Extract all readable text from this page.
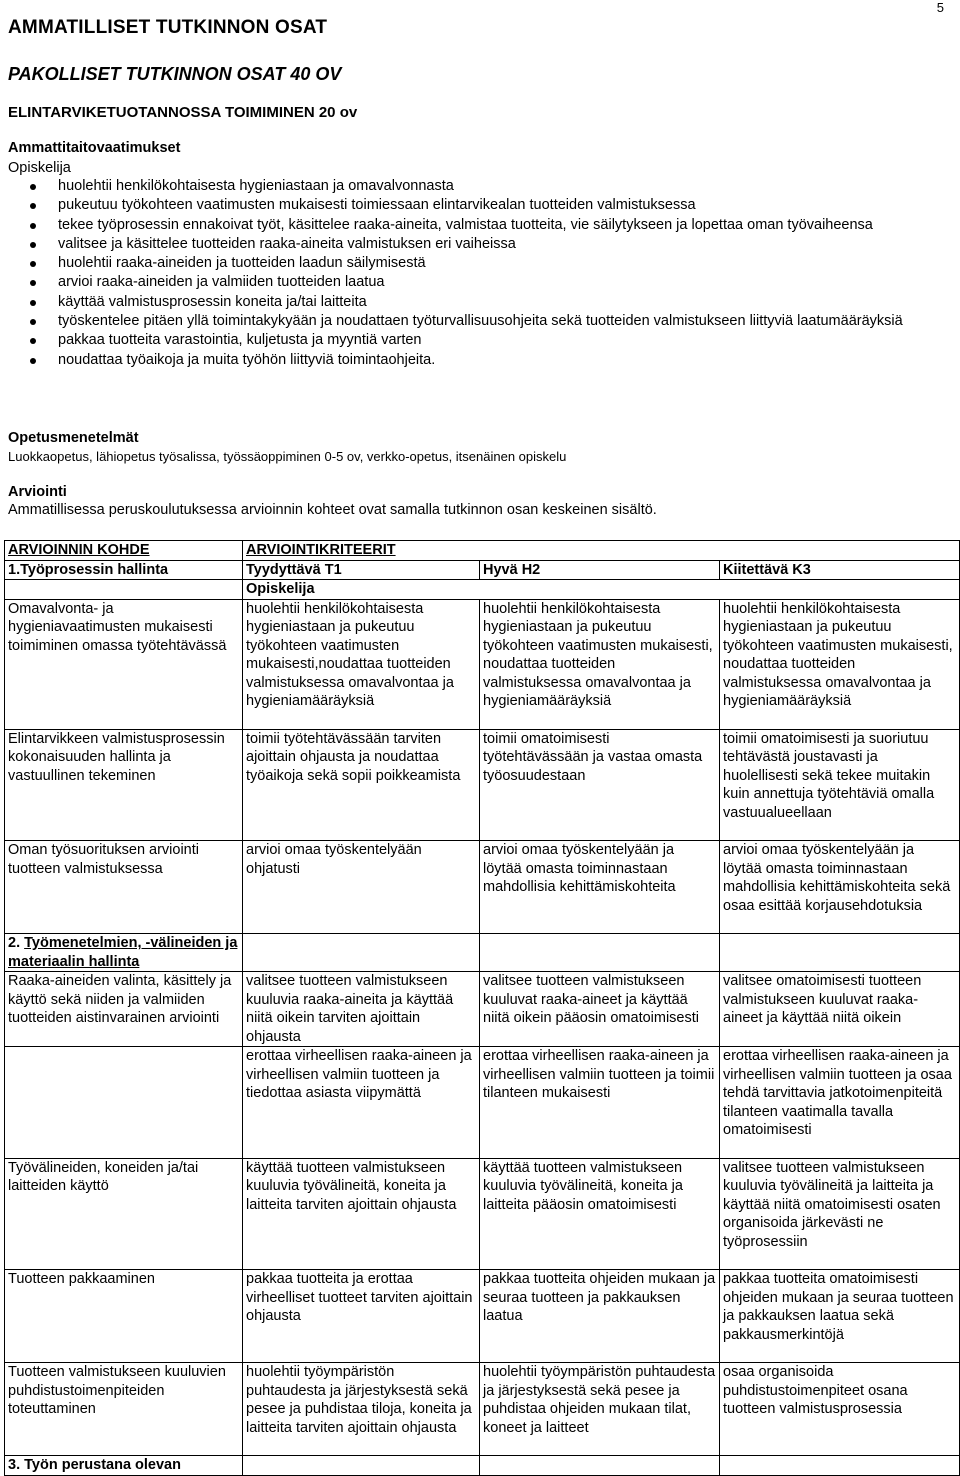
5
AMMATILLISET TUTKINNON OSAT
PAKOLLISET TUTKINNON OSAT 40 OV
ELINTARVIKETUOTANNOSSA TOIMIMINEN 20 ov
Ammattitaitovaatimukset
Opiskelija
huolehtii henkilökohtaisesta hygieniastaan ja omavalvonnasta
pukeutuu työkohteen vaatimusten mukaisesti toimiessaan elintarvikealan tuotteiden valmistuksessa
tekee työprosessin ennakoivat työt, käsittelee raaka-aineita, valmistaa tuotteita, vie säilytykseen ja lopettaa oman työvaiheensa
valitsee ja käsittelee tuotteiden raaka-aineita valmistuksen eri vaiheissa
huolehtii raaka-aineiden ja tuotteiden laadun säilymisestä
arvioi raaka-aineiden ja valmiiden tuotteiden laatua
käyttää valmistusprosessin koneita ja/tai laitteita
työskentelee pitäen yllä toimintakykyään ja noudattaen työturvallisuusohjeita sekä tuotteiden valmistukseen liittyviä laatumääräyksiä
pakkaa tuotteita varastointia, kuljetusta ja myyntiä varten
noudattaa työaikoja ja muita työhön liittyviä toimintaohjeita.
Opetusmenetelmät
Luokkaopetus, lähiopetus työsalissa, työssäoppiminen 0-5 ov, verkko-opetus, itsenäinen opiskelu
Arviointi
Ammatillisessa peruskoulutuksessa arvioinnin kohteet ovat samalla tutkinnon osan keskeinen sisältö.
ARVIOINNIN KOHDE	ARVIOINTIKRITEERIT		
1.Työprosessin hallinta	Tyydyttävä T1	Hyvä H2	Kiitettävä K3
	Opiskelija		
Omavalvonta- ja hygieniavaatimusten mukaisesti toimiminen omassa työtehtävässä	huolehtii henkilökohtaisesta hygieniastaan ja pukeutuu työkohteen vaatimusten mukaisesti,noudattaa tuotteiden valmistuksessa omavalvontaa ja hygieniamääräyksiä	huolehtii henkilökohtaisesta hygieniastaan ja pukeutuu työkohteen vaatimusten mukaisesti, noudattaa tuotteiden valmistuksessa omavalvontaa ja hygieniamääräyksiä	huolehtii henkilökohtaisesta hygieniastaan ja pukeutuu työkohteen vaatimusten mukaisesti, noudattaa tuotteiden valmistuksessa omavalvontaa ja hygieniamääräyksiä
Elintarvikkeen valmistusprosessin kokonaisuuden hallinta ja vastuullinen tekeminen	toimii työtehtävässään tarviten ajoittain ohjausta ja noudattaa työaikoja sekä sopii poikkeamista	toimii omatoimisesti työtehtävässään ja vastaa omasta työosuudestaan	toimii omatoimisesti ja suoriutuu tehtävästä joustavasti ja huolellisesti sekä tekee muitakin kuin annettuja työtehtäviä omalla vastuualueellaan
Oman työsuorituksen arviointi tuotteen valmistuksessa	arvioi omaa työskentelyään ohjatusti	arvioi omaa työskentelyään ja löytää omasta toiminnastaan mahdollisia kehittämiskohteita	arvioi omaa työskentelyään ja löytää omasta toiminnastaan mahdollisia kehittämiskohteita sekä osaa esittää korjausehdotuksia
2. Työmenetelmien, -välineiden ja materiaalin hallinta			
Raaka-aineiden valinta, käsittely ja käyttö sekä niiden ja valmiiden tuotteiden aistinvarainen arviointi	valitsee tuotteen valmistukseen kuuluvia raaka-aineita ja käyttää niitä oikein tarviten ajoittain ohjausta	valitsee tuotteen valmistukseen kuuluvat raaka-aineet ja käyttää niitä oikein pääosin omatoimisesti	valitsee omatoimisesti tuotteen valmistukseen kuuluvat raaka-aineet ja käyttää niitä oikein
	erottaa virheellisen raaka-aineen ja virheellisen valmiin tuotteen ja tiedottaa asiasta viipymättä	erottaa virheellisen raaka-aineen ja virheellisen valmiin tuotteen ja toimii tilanteen mukaisesti	erottaa virheellisen raaka-aineen ja virheellisen valmiin tuotteen ja osaa tehdä tarvittavia jatkotoimenpiteitä tilanteen vaatimalla tavalla omatoimisesti
Työvälineiden, koneiden ja/tai laitteiden käyttö	käyttää tuotteen valmistukseen kuuluvia työvälineitä, koneita ja laitteita tarviten ajoittain ohjausta	käyttää tuotteen valmistukseen kuuluvia työvälineitä, koneita ja laitteita pääosin omatoimisesti	valitsee tuotteen valmistukseen kuuluvia työvälineitä ja laitteita ja käyttää niitä omatoimisesti osaten organisoida järkevästi ne työprosessiin
Tuotteen pakkaaminen	pakkaa tuotteita ja erottaa virheelliset tuotteet tarviten ajoittain ohjausta	pakkaa tuotteita ohjeiden mukaan ja seuraa tuotteen ja pakkauksen laatua	pakkaa tuotteita omatoimisesti ohjeiden mukaan ja seuraa tuotteen ja pakkauksen laatua sekä pakkausmerkintöjä
Tuotteen valmistukseen kuuluvien puhdistustoimenpiteiden toteuttaminen	huolehtii työympäristön puhtaudesta ja järjestyksestä sekä pesee ja puhdistaa tiloja, koneita ja laitteita tarviten ajoittain ohjausta	huolehtii työympäristön puhtaudesta ja järjestyksestä sekä pesee ja puhdistaa ohjeiden mukaan tilat, koneet ja laitteet	osaa organisoida puhdistustoimenpiteet osana tuotteen valmistusprosessia
3. Työn perustana olevan			
